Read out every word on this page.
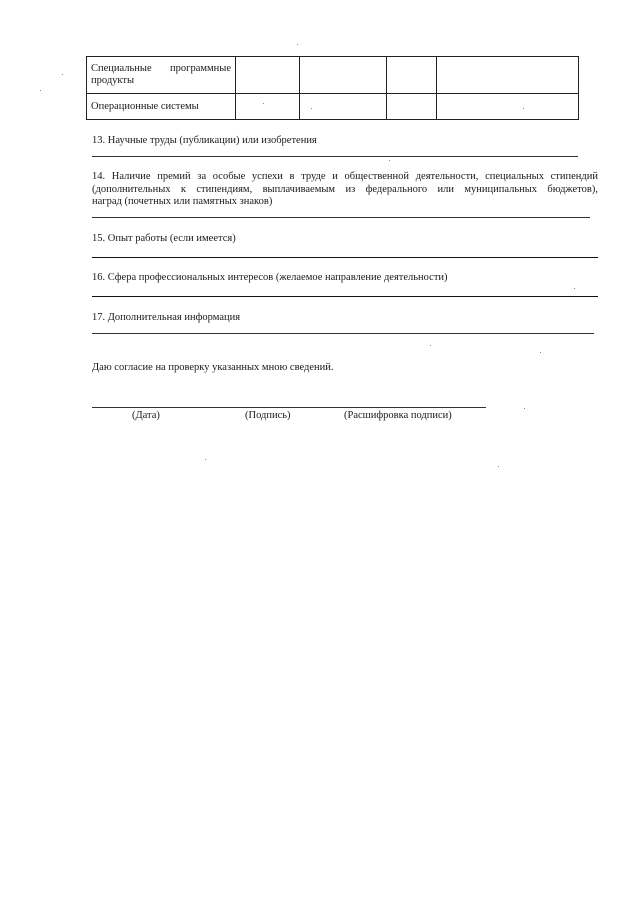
Специальные программные продукты				
Операционные системы				
13. Научные труды (публикации) или изобретения
14. Наличие премий за особые успехи в труде и общественной деятельности, специальных стипендий
(дополнительных к стипендиям, выплачиваемым из федерального или муниципальных бюджетов),
наград (почетных или памятных знаков)
15. Опыт работы (если имеется)
16. Сфера профессиональных интересов (желаемое направление деятельности)
17. Дополнительная информация
Даю согласие на проверку указанных мною сведений.
(Дата)	(Подпись)	(Расшифровка подписи)
